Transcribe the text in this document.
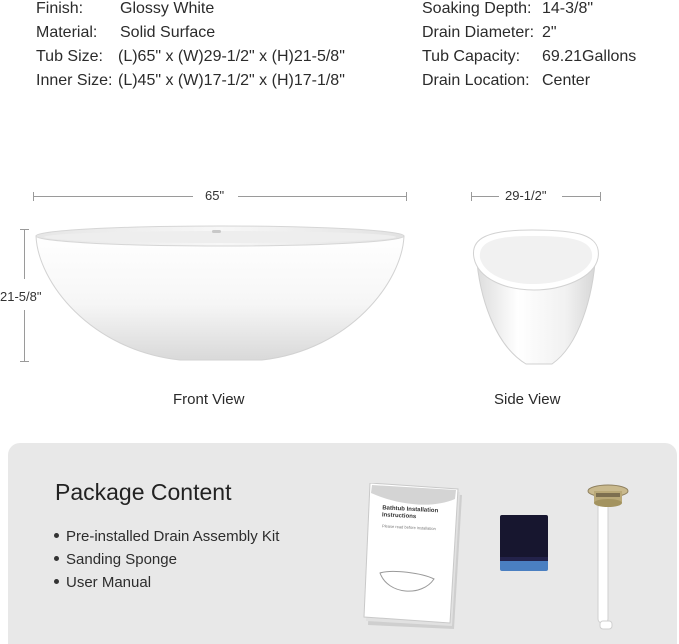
Finish: Glossy White
Material: Solid Surface
Tub Size: (L)65" x (W)29-1/2" x (H)21-5/8"
Inner Size: (L)45" x (W)17-1/2" x (H)17-1/8"
Soaking Depth: 14-3/8"
Drain Diameter: 2"
Tub Capacity: 69.21Gallons
Drain Location: Center
65"
21-5/8"
29-1/2"
Front View	Side View
Package Content
Pre-installed Drain Assembly Kit
Sanding Sponge
User Manual
Bathtub Installation Instructions
Please read before installation
